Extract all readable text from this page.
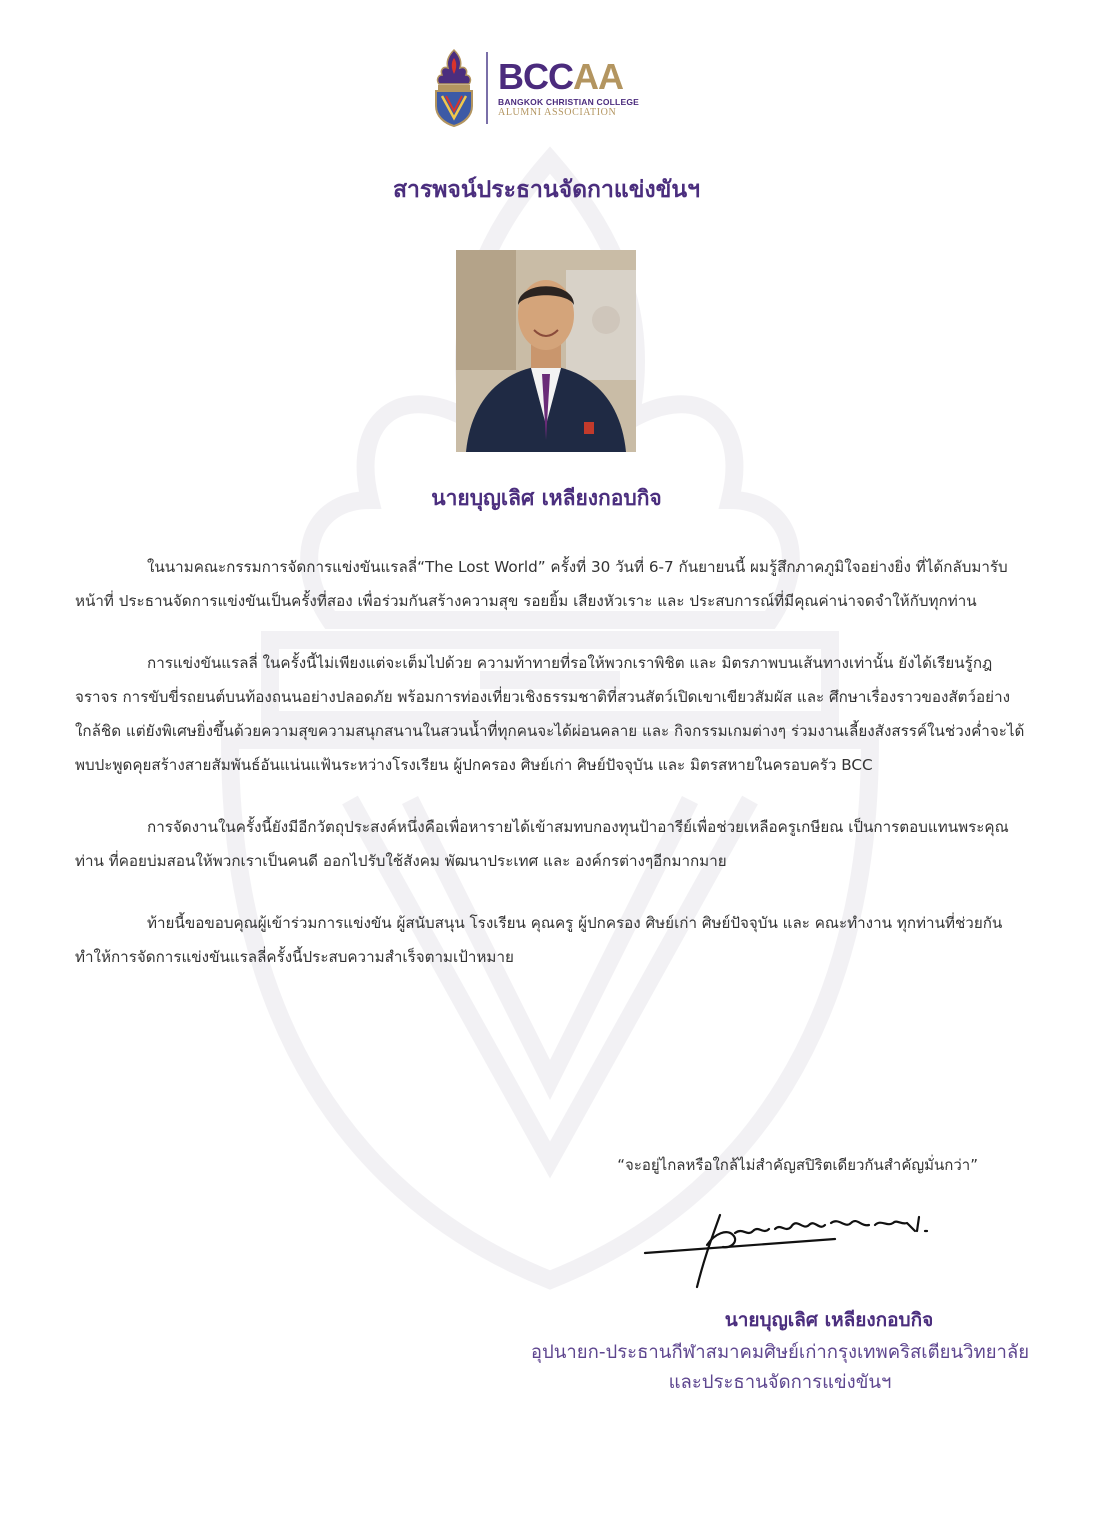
BCCAA
BANGKOK CHRISTIAN COLLEGE
ALUMNI ASSOCIATION
สารพจน์ประธานจัดกาแข่งขันฯ
นายบุญเลิศ เหลียงกอบกิจ

ในนามคณะกรรมการจัดการแข่งขันแรลลี่“The Lost World” ครั้งที่ 30 วันที่ 6-7 กันยายนนี้ ผมรู้สึกภาคภูมิใจอย่างยิ่ง ที่ได้กลับมารับหน้าที่ ประธานจัดการแข่งขันเป็นครั้งที่สอง เพื่อร่วมกันสร้างความสุข รอยยิ้ม เสียงหัวเราะ และ ประสบการณ์ที่มีคุณค่าน่าจดจำให้กับทุกท่าน

การแข่งขันแรลลี่ ในครั้งนี้ไม่เพียงแต่จะเต็มไปด้วย ความท้าทายที่รอให้พวกเราพิชิต และ มิตรภาพบนเส้นทางเท่านั้น ยังได้เรียนรู้กฎจราจร การขับขี่รถยนต์บนท้องถนนอย่างปลอดภัย พร้อมการท่องเที่ยวเชิงธรรมชาติที่สวนสัตว์เปิดเขาเขียวสัมผัส และ ศึกษาเรื่องราวของสัตว์อย่างใกล้ชิด แต่ยังพิเศษยิ่งขึ้นด้วยความสุขความสนุกสนานในสวนน้ำที่ทุกคนจะได้ผ่อนคลาย และ กิจกรรมเกมต่างๆ ร่วมงานเลี้ยงสังสรรค์ในช่วงค่ำจะได้พบปะพูดคุยสร้างสายสัมพันธ์อันแน่นแฟ้นระหว่างโรงเรียน ผู้ปกครอง ศิษย์เก่า ศิษย์ปัจจุบัน และ มิตรสหายในครอบครัว BCC

การจัดงานในครั้งนี้ยังมีอีกวัตถุประสงค์หนึ่งคือเพื่อหารายได้เข้าสมทบกองทุนป้าอารีย์เพื่อช่วยเหลือครูเกษียณ เป็นการตอบแทนพระคุณท่าน ที่คอยบ่มสอนให้พวกเราเป็นคนดี ออกไปรับใช้สังคม พัฒนาประเทศ และ องค์กรต่างๆอีกมากมาย

ท้ายนี้ขอขอบคุณผู้เข้าร่วมการแข่งขัน ผู้สนับสนุน โรงเรียน คุณครู ผู้ปกครอง ศิษย์เก่า ศิษย์ปัจจุบัน และ คณะทำงาน ทุกท่านที่ช่วยกันทำให้การจัดการแข่งขันแรลลี่ครั้งนี้ประสบความสำเร็จตามเป้าหมาย

“จะอยู่ไกลหรือใกล้ไม่สำคัญสปิริตเดียวกันสำคัญมั่นกว่า”
นายบุญเลิศ เหลียงกอบกิจ
อุปนายก-ประธานกีฬาสมาคมศิษย์เก่ากรุงเทพคริสเตียนวิทยาลัย
และประธานจัดการแข่งขันฯ
